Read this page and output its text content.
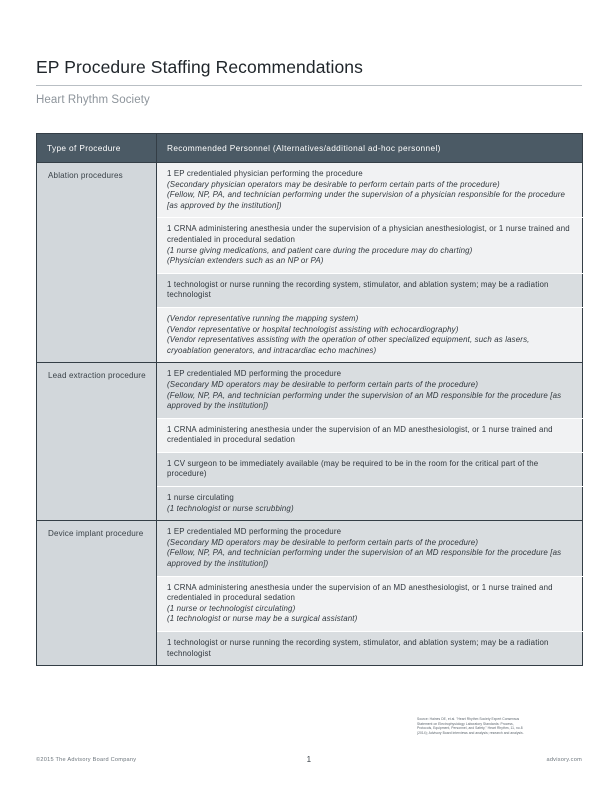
EP Procedure Staffing Recommendations

Heart Rhythm Society

Type of Procedure	Recommended Personnel (Alternatives/additional ad-hoc personnel)
Ablation procedures	1 EP credentialed physician performing the procedure
(Secondary physician operators may be desirable to perform certain parts of the procedure)
(Fellow, NP, PA, and technician performing under the supervision of a physician responsible for the procedure [as approved by the institution])

	1 CRNA administering anesthesia under the supervision of a physician anesthesiologist, or 1 nurse trained and credentialed in procedural sedation
(1 nurse giving medications, and patient care during the procedure may do charting)
(Physician extenders such as an NP or PA)

	1 technologist or nurse running the recording system, stimulator, and ablation system; may be a radiation technologist

	(Vendor representative running the mapping system)
(Vendor representative or hospital technologist assisting with echocardiography)
(Vendor representatives assisting with the operation of other specialized equipment, such as lasers, cryoablation generators, and intracardiac echo machines)

Lead extraction procedure	1 EP credentialed MD performing the procedure
(Secondary MD operators may be desirable to perform certain parts of the procedure)
(Fellow, NP, PA, and technician performing under the supervision of an MD responsible for the procedure [as approved by the institution])

	1 CRNA administering anesthesia under the supervision of an MD anesthesiologist, or 1 nurse trained and credentialed in procedural sedation

	1 CV surgeon to be immediately available (may be required to be in the room for the critical part of the procedure)

	1 nurse circulating
(1 technologist or nurse scrubbing)

Device implant procedure	1 EP credentialed MD performing the procedure
(Secondary MD operators may be desirable to perform certain parts of the procedure)
(Fellow, NP, PA, and technician performing under the supervision of an MD responsible for the procedure [as approved by the institution])

	1 CRNA administering anesthesia under the supervision of an MD anesthesiologist, or 1 nurse trained and credentialed in procedural sedation
(1 nurse or technologist circulating)
(1 technologist or nurse may be a surgical assistant)

	1 technologist or nurse running the recording system, stimulator, and ablation system; may be a radiation technologist
Source: Haines DE, et al. "Heart Rhythm Society Expert Consensus
Statement on Electrophysiology Laboratory Standards: Process,
Protocols, Equipment, Personnel, and Safety," Heart Rhythm, 11, no.8
(2014); Advisory Board interviews and analysis; research and analysis.
©2015 The Advisory Board Company	1	advisory.com
